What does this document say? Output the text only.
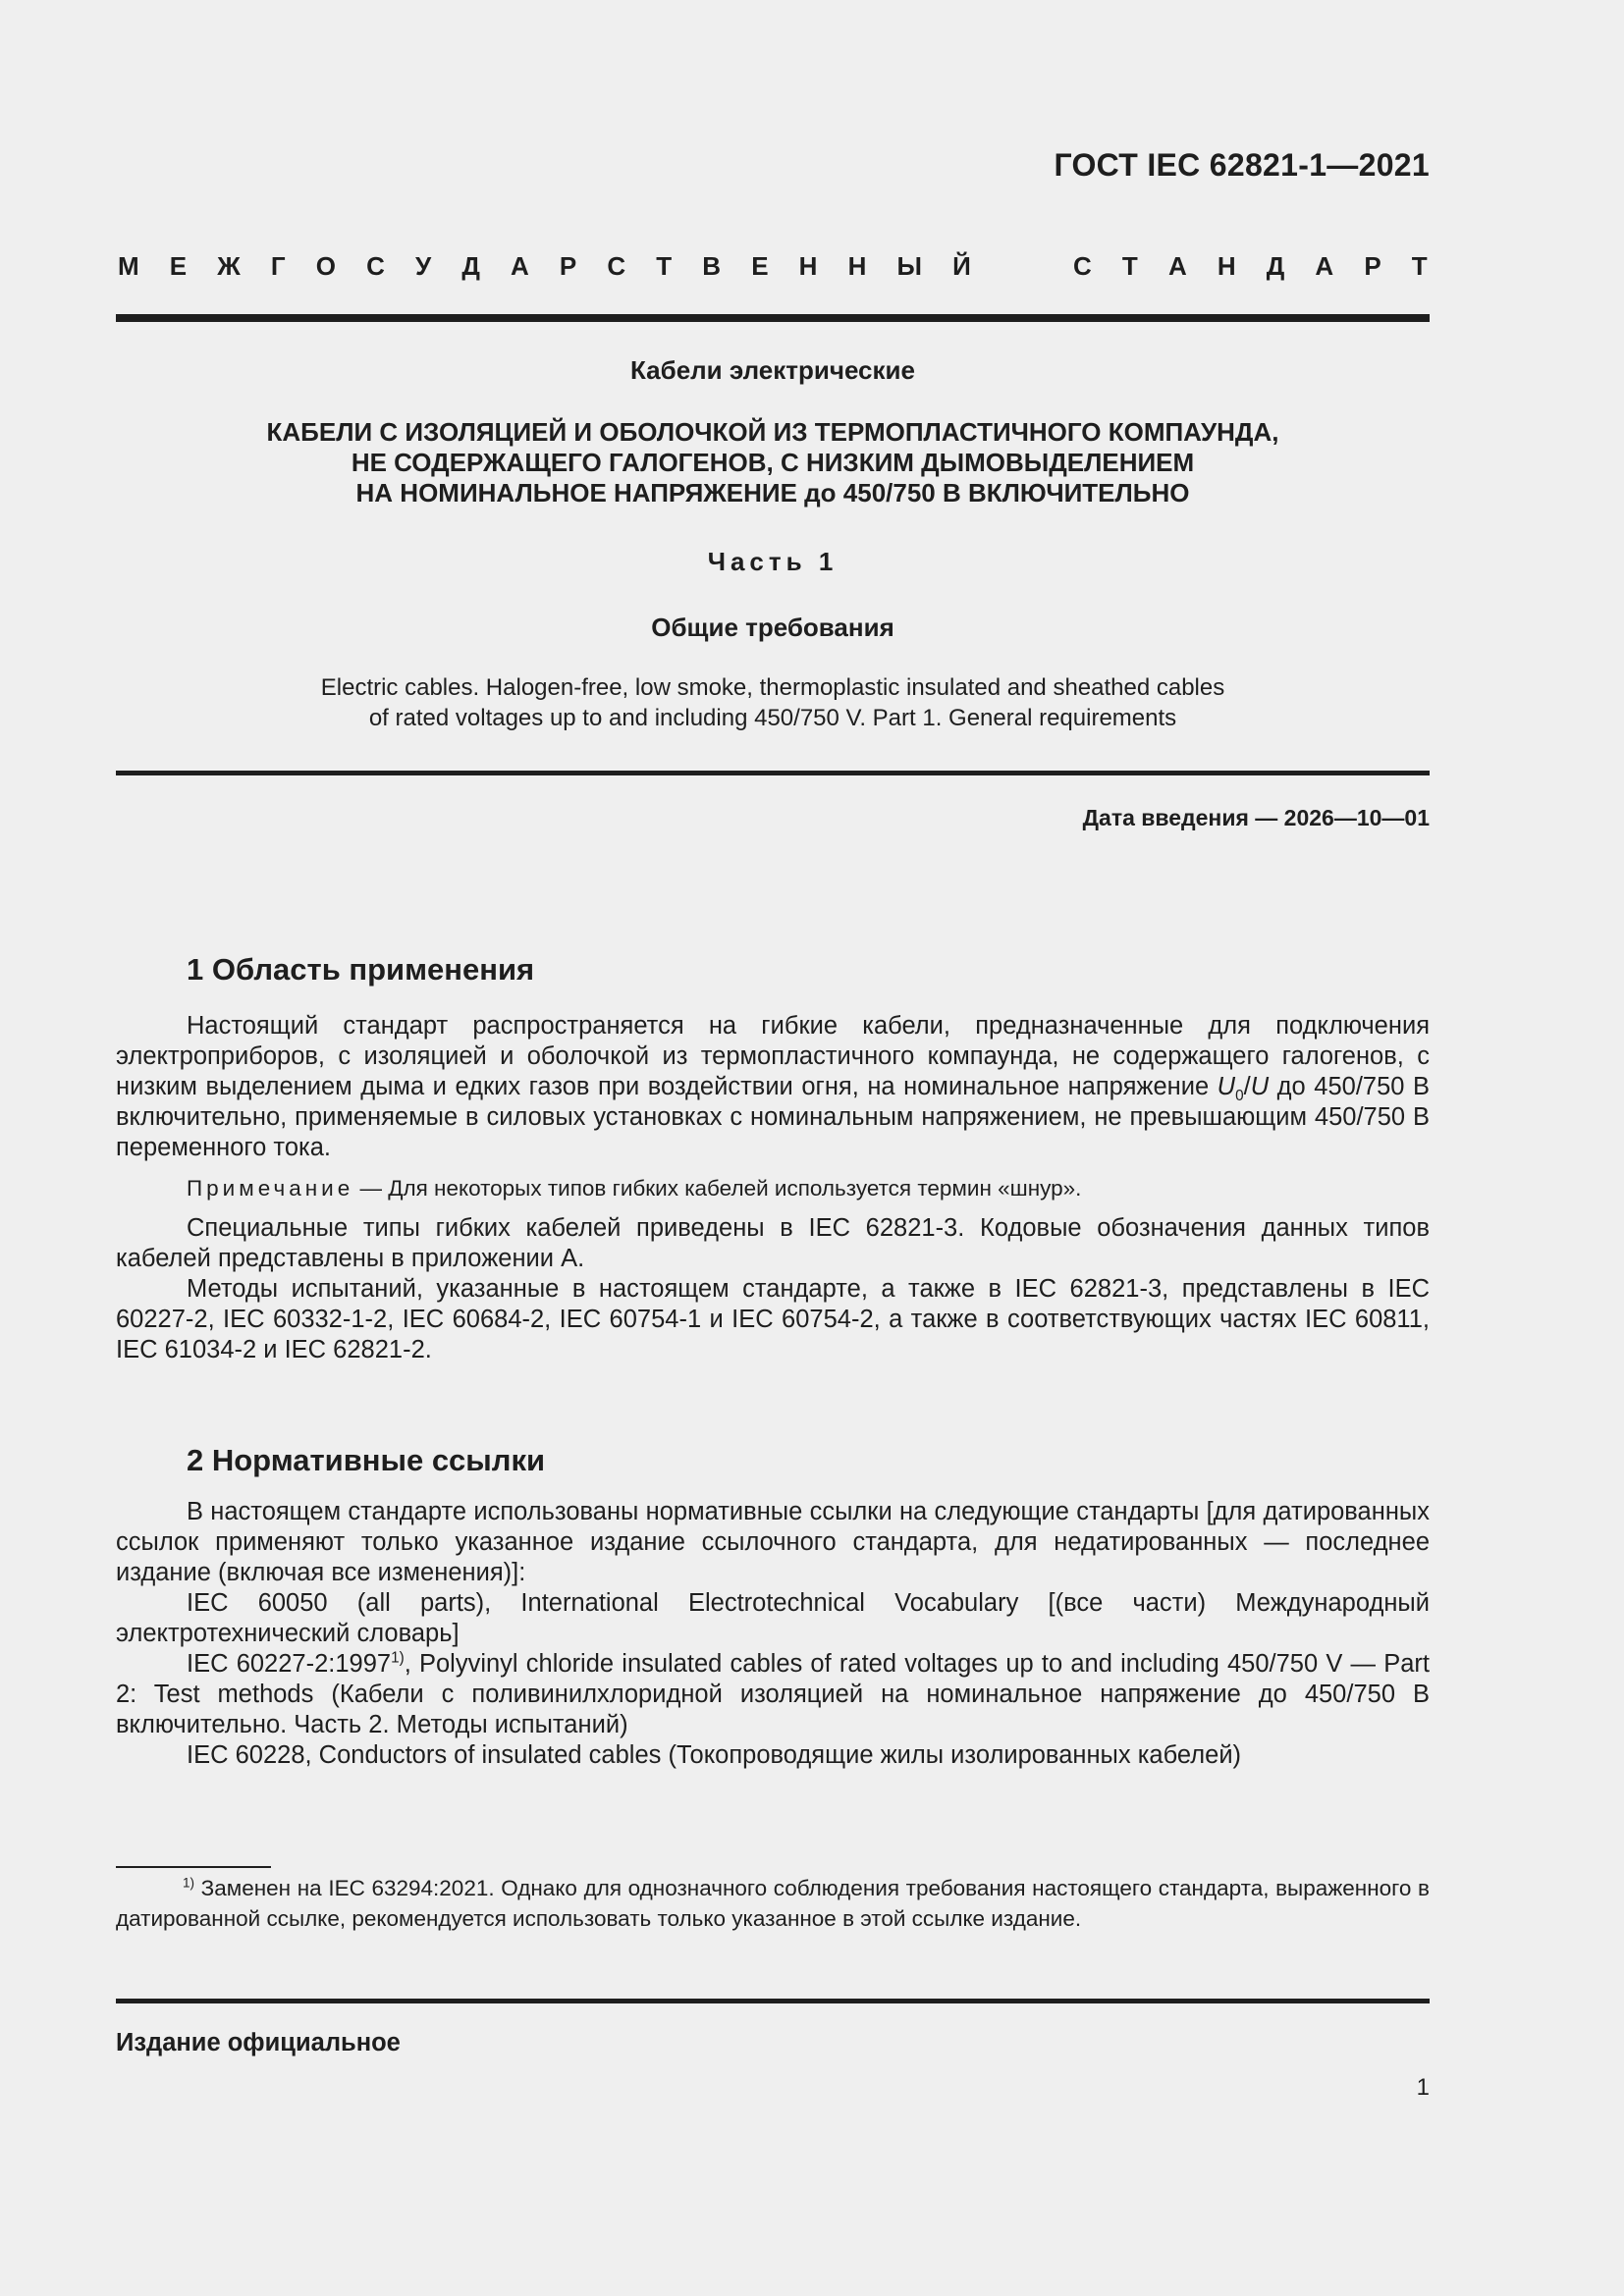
ГОСТ IEC 62821-1—2021
М Е Ж Г О С У Д А Р С Т В Е Н Н Ы Й	С Т А Н Д А Р Т
Кабели электрические
КАБЕЛИ С ИЗОЛЯЦИЕЙ И ОБОЛОЧКОЙ ИЗ ТЕРМОПЛАСТИЧНОГО КОМПАУНДА,
НЕ СОДЕРЖАЩЕГО ГАЛОГЕНОВ, С НИЗКИМ ДЫМОВЫДЕЛЕНИЕМ
НА НОМИНАЛЬНОЕ НАПРЯЖЕНИЕ до 450/750 В ВКЛЮЧИТЕЛЬНО
Часть 1
Общие требования
Electric cables. Halogen-free, low smoke, thermoplastic insulated and sheathed cables
of rated voltages up to and including 450/750 V. Part 1. General requirements
Дата введения — 2026—10—01
1 Область применения

Настоящий стандарт распространяется на гибкие кабели, предназначенные для подключения электроприборов, с изоляцией и оболочкой из термопластичного компаунда, не содержащего галогенов, с низким выделением дыма и едких газов при воздействии огня, на номинальное напряжение $U_0/U$ до 450/750 В включительно, применяемые в силовых установках с номинальным напряжением, не превышающим 450/750 В переменного тока.

Примечание — Для некоторых типов гибких кабелей используется термин «шнур».

Специальные типы гибких кабелей приведены в IEC 62821-3. Кодовые обозначения данных типов кабелей представлены в приложении А.

Методы испытаний, указанные в настоящем стандарте, а также в IEC 62821-3, представлены в IEC 60227-2, IEC 60332-1-2, IEC 60684-2, IEC 60754-1 и IEC 60754-2, а также в соответствующих частях IEC 60811, IEC 61034-2 и IEC 62821-2.

2 Нормативные ссылки

В настоящем стандарте использованы нормативные ссылки на следующие стандарты [для датированных ссылок применяют только указанное издание ссылочного стандарта, для недатированных — последнее издание (включая все изменения)]:

IEC 60050 (all parts), International Electrotechnical Vocabulary [(все части) Международный электротехнический словарь]

IEC 60227-2:1997$^{1)}$, Polyvinyl chloride insulated cables of rated voltages up to and including 450/750 V — Part 2: Test methods (Кабели с поливинилхлоридной изоляцией на номинальное напряжение до 450/750 В включительно. Часть 2. Методы испытаний)

IEC 60228, Conductors of insulated cables (Токопроводящие жилы изолированных кабелей)

$^{1)}$ Заменен на IEC 63294:2021. Однако для однозначного соблюдения требования настоящего стандарта, выраженного в датированной ссылке, рекомендуется использовать только указанное в этой ссылке издание.

Издание официальное
1
